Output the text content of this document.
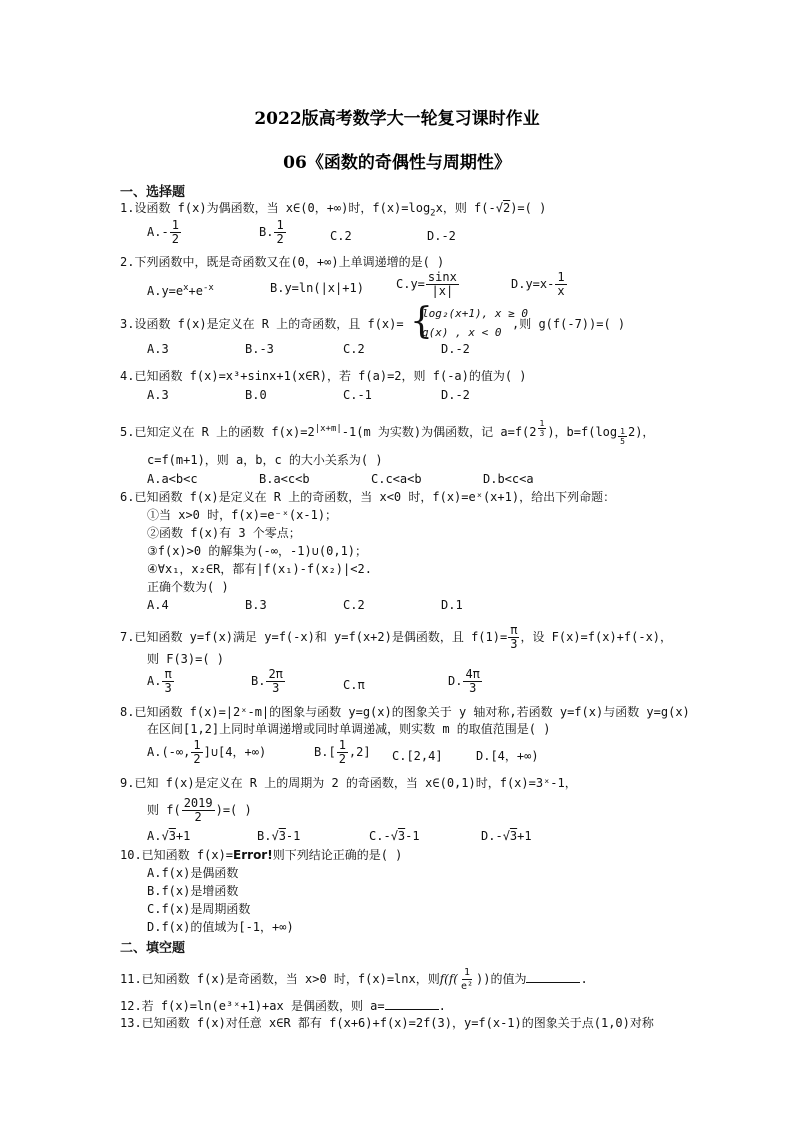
2022版高考数学大一轮复习课时作业
06《函数的奇偶性与周期性》
一、选择题
1.设函数 f(x)为偶函数，当 x∈(0，+∞)时，$f(x)=\log_2x$，则 f(-√2)=( )
$A.- \frac{1}{2}$	B. $\frac{1}{2}$	C.2	D.-2
2.下列函数中，既是奇函数又在(0，+∞)上单调递增的是( )
$A.y=e^x+e^{-x}$	B.y=ln(|x|+1)	$C.y= \frac{\sin x}{|x|}$	$D.y=x- \frac{1}{x}$
3.设函数 f(x)是定义在 R 上的奇函数，且 f(x)= {
log₂(x+1), x ≥ 0
g(x) , x < 0
,则 g(f(-7))=( )
A.3	B.-3	C.2	D.-2
4.已知函数 f(x)=x³+sinx+1(x∈R)，若 f(a)=2，则 f(-a)的值为( )
A.3	B.0	C.-1	D.-2
5.已知定义在 R 上的函数 $f(x)=2^{|x+m|}-1(m$ 为实数)为偶函数，记 a=f(2 $^{\frac{1}{3}}$ )，b=f(log $_{\frac{1}{5}}$ 2)，
c=f(m+1)，则 a，b，c 的大小关系为( )
A.a<b<c	B.a<c<b	C.c<a<b	D.b<c<a
6.已知函数 f(x)是定义在 R 上的奇函数，当 x<0 时，f(x)=eˣ(x+1)，给出下列命题：
①当 x>0 时，f(x)=e⁻ˣ(x-1)；
②函数 f(x)有 3 个零点；
③f(x)>0 的解集为(-∞，-1)∪(0,1)；
④∀x₁，x₂∈R，都有|f(x₁)-f(x₂)|<2.
正确个数为( )
A.4	B.3	C.2	D.1
7.已知函数 y=f(x)满足 y=f(-x)和 y=f(x+2)是偶函数，且 $f(1)= \frac{\pi}{3}$ ，设 F(x)=f(x)+f(-x)，
则 F(3)=( )
A. $\frac{\pi}{3}$	B. $\frac{2\pi}{3}$	C.π	D. $\frac{4\pi}{3}$
8.已知函数 f(x)=|2ˣ-m|的图象与函数 y=g(x)的图象关于 y 轴对称,若函数 y=f(x)与函数 y=g(x)
在区间[1,2]上同时单调递增或同时单调递减，则实数 m 的取值范围是( )
A.(-∞, $\frac{1}{2}$ ]∪[4，+∞)	$B.[ \frac{1}{2} ,2]$ C.[2,4]	D.[4，+∞)
9.已知 f(x)是定义在 R 上的周期为 2 的奇函数，当 x∈(0,1)时，f(x)=3ˣ-1，
则 $f( \frac{2019}{2}$ )=( )
A.√3+1	B.√3-1	C.-√3-1	D.-√3+1
10.已知函数 f(x)=Error!则下列结论正确的是( )
A.f(x)是偶函数
B.f(x)是增函数
C.f(x)是周期函数
D.f(x)的值域为[-1，+∞)
二、填空题
11.已知函数 f(x)是奇函数，当 x>0 时，f(x)=lnx，则$f(f( \frac{1}{\text{e²}}$ ))的值为	.
12.若 f(x)=ln(e³ˣ+1)+ax 是偶函数，则 a=	.
13.已知函数 f(x)对任意 x∈R 都有 f(x+6)+f(x)=2f(3)，y=f(x-1)的图象关于点(1,0)对称
